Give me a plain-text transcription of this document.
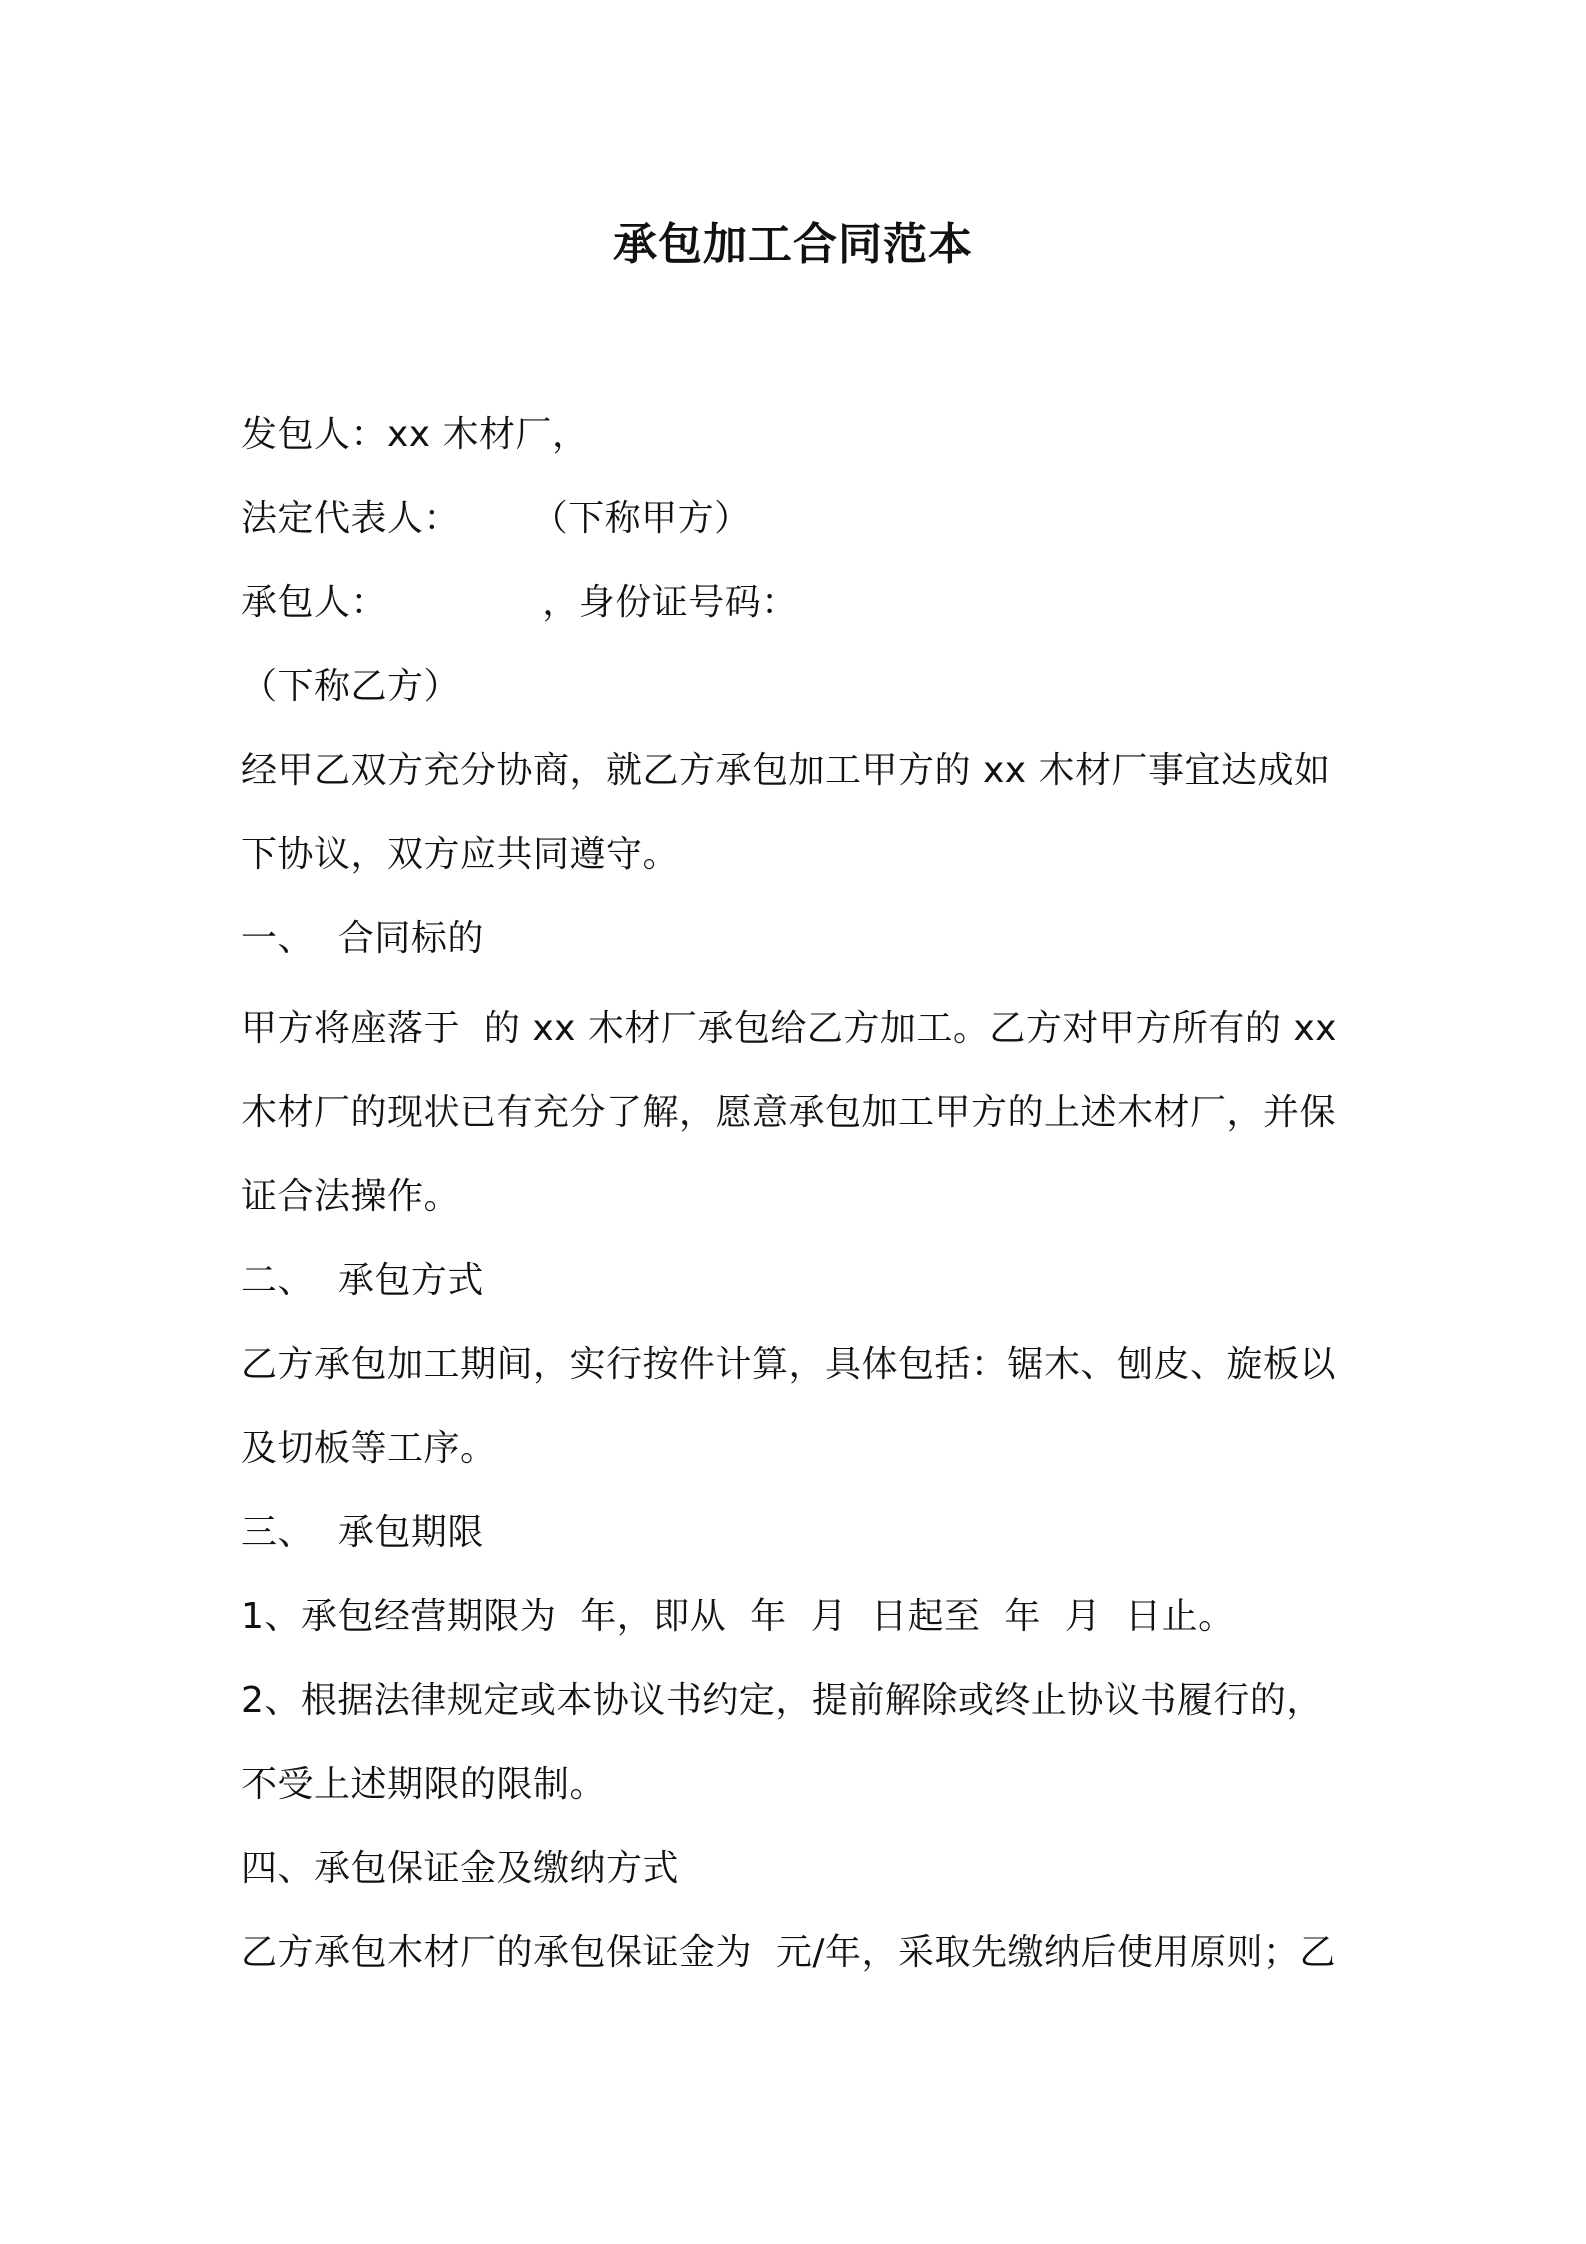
承包加工合同范本
发包人：xx 木材厂，
法定代表人：      （下称甲方）
承包人：             ，身份证号码：
（下称乙方）
经甲乙双方充分协商，就乙方承包加工甲方的 xx 木材厂事宜达成如
下协议，双方应共同遵守。
一、  合同标的
甲方将座落于  的 xx 木材厂承包给乙方加工。乙方对甲方所有的 xx
木材厂的现状已有充分了解，愿意承包加工甲方的上述木材厂，并保
证合法操作。
二、  承包方式
乙方承包加工期间，实行按件计算，具体包括：锯木、刨皮、旋板以
及切板等工序。
三、  承包期限
1、承包经营期限为  年，即从  年  月  日起至  年  月  日止。
2、根据法律规定或本协议书约定，提前解除或终止协议书履行的，
不受上述期限的限制。
四、承包保证金及缴纳方式
乙方承包木材厂的承包保证金为  元/年，采取先缴纳后使用原则；乙
